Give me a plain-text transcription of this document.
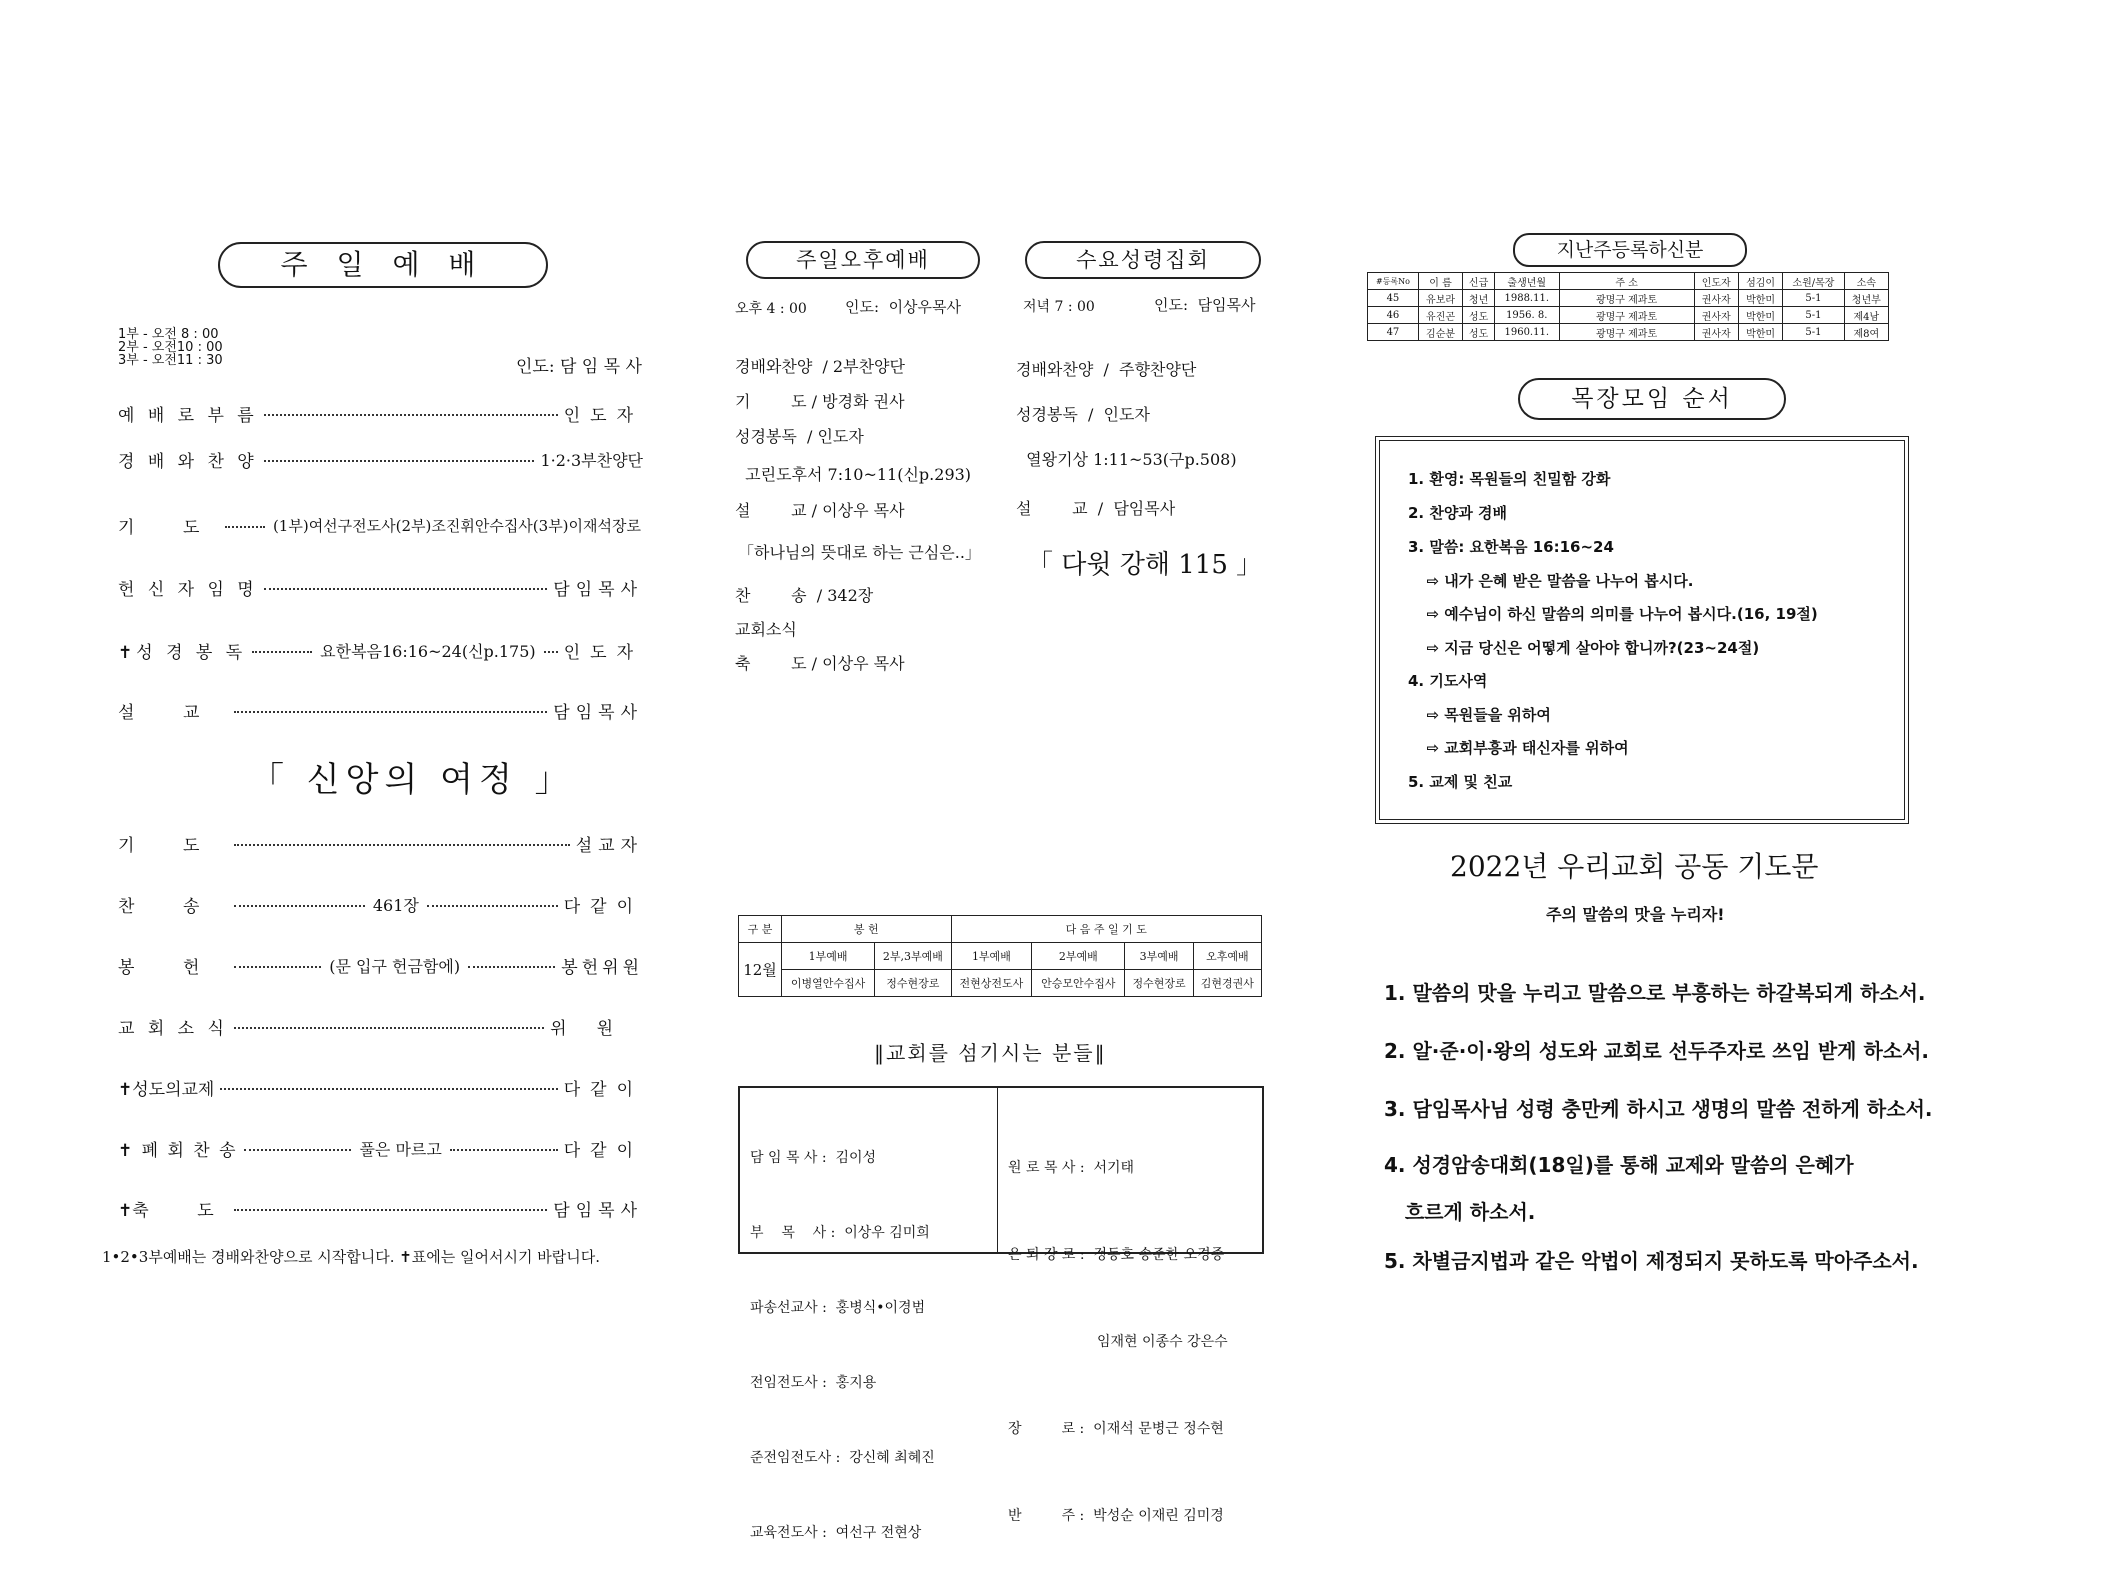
주 일 예 배
1부 - 오전 8 : 00
2부 - 오전10 : 00
3부 - 오전11 : 30	인도: 담 임 목 사
예 배 로 부 름	인도자
경 배 와 찬 양	1·2·3부찬양단
기         도	(1부)여선구전도사(2부)조진휘안수집사(3부)이재석장로
헌 신 자 임 명	담임목사
✝성 경 봉 독	요한복음16:16~24(신p.175) 인도자
설         교	담임목사
「 신앙의 여정 」
기         도	설교자
찬         송	461장	다같이
봉         헌	(문 입구 헌금함에)	봉헌위원
교 회 소 식	위원
✝성도의교제	다같이
✝ 폐 회 찬 송	풀은 마르고	다같이
✝축         도	담임목사
1•2•3부예배는 경배와찬양으로 시작합니다. ✝표에는 일어서시기 바랍니다.
주일오후예배	수요성령집회
오후 4 : 00	인도:  이상우목사	저녁 7 : 00	인도:  담임목사
경배와찬양  / 2부찬양단
기        도 / 방경화 권사
성경봉독  / 인도자
고린도후서 7:10~11(신p.293)
설        교 / 이상우 목사
「하나님의 뜻대로 하는 근심은..」
찬        송  / 342장
교회소식
축        도 / 이상우 목사
경배와찬양  /  주향찬양단
성경봉독  /  인도자
열왕기상 1:11~53(구p.508)
설        교  /  담임목사
「 다윗 강해 115 」
구 분	봉 헌		다 음 주 일 기 도			
12월	1부예배	2부,3부예배	1부예배	2부예배	3부예배	오후예배
	이병열안수집사	정수현장로	전현상전도사	안승모안수집사	정수현장로	김현경권사
‖교회를 섬기시는 분들‖

담 임 목 사 :  김이성

부    목    사 :  이상우 김미희

파송선교사 :  홍병식•이경범

전임전도사 :  홍지용

준전임전도사 :  강신혜 최혜진

교육전도사 :  여선구 전현상

원 로 목 사 :  서기태

은 퇴 장 로 :  정동호 송준한 오경종

임재현 이종수 강은수

장         로 :  이재석 문병근 정수현

반         주 :  박성순 이재린 김미경

지난주등록하신분
#등록No	이 름	신급	출생년월	주 소	인도자	섬김이	소원/목장	소속
45	유보라	청년	1988.11.	광명구 제과토	권사자	박한미	5-1	청년부
46	유진곤	성도	1956. 8.	광명구 제과토	권사자	박한미	5-1	제4남
47	김순분	성도	1960.11.	광명구 제과토	권사자	박한미	5-1	제8여
목장모임 순서
1. 환영: 목원들의 친밀함 강화
2. 찬양과 경배
3. 말씀: 요한복음 16:16~24
⇨ 내가 은혜 받은 말씀을 나누어 봅시다.
⇨ 예수님이 하신 말씀의 의미를 나누어 봅시다.(16, 19절)
⇨ 지금 당신은 어떻게 살아야 합니까?(23~24절)
4. 기도사역
⇨ 목원들을 위하여
⇨ 교회부흥과 태신자를 위하여
5. 교제 및 친교
2022년 우리교회 공동 기도문
주의 말씀의 맛을 누리자!
1. 말씀의 맛을 누리고 말씀으로 부흥하는 하갈복되게 하소서.
2. 알·준·이·왕의 성도와 교회로 선두주자로 쓰임 받게 하소서.
3. 담임목사님 성령 충만케 하시고 생명의 말씀 전하게 하소서.
4. 성경암송대회(18일)를 통해 교제와 말씀의 은혜가
흐르게 하소서.
5. 차별금지법과 같은 악법이 제정되지 못하도록 막아주소서.
